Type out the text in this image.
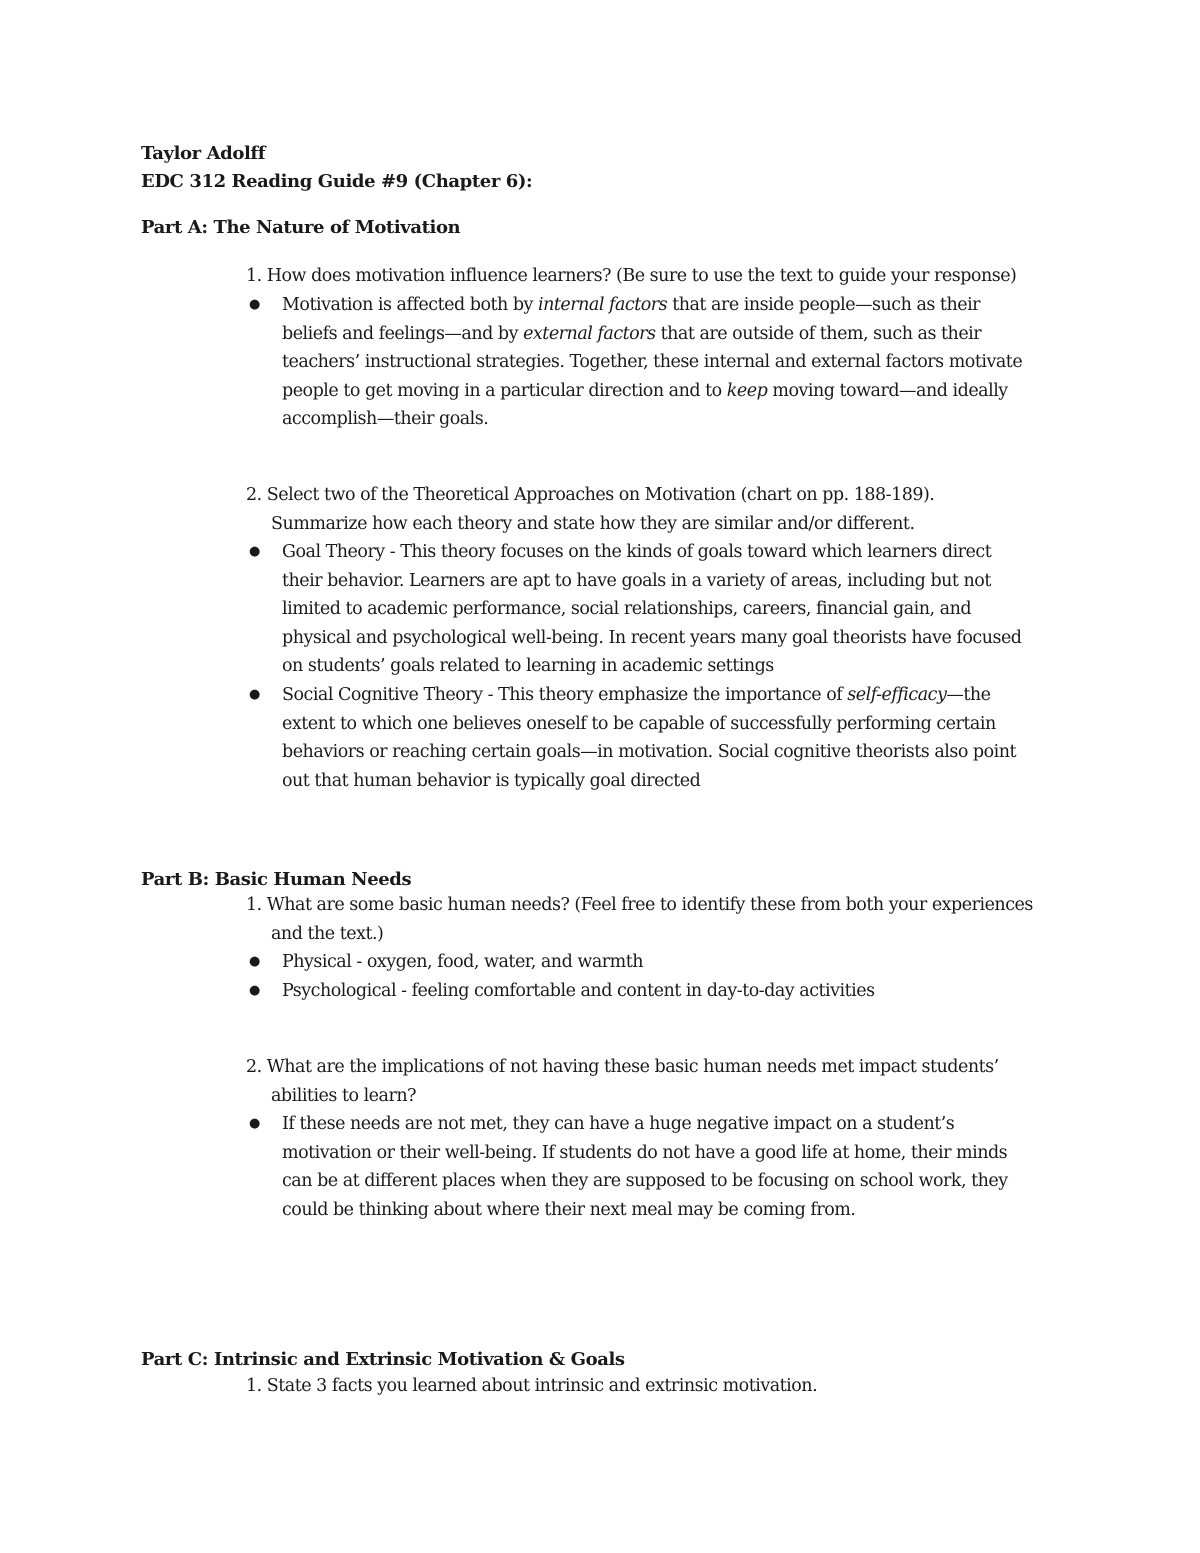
Taylor Adolff
EDC 312 Reading Guide #9 (Chapter 6):
Part A: The Nature of Motivation
1. How does motivation influence learners? (Be sure to use the text to guide your response)
● Motivation is affected both by internal factors that are inside people—such as their
beliefs and feelings—and by external factors that are outside of them, such as their
teachers’ instructional strategies. Together, these internal and external factors motivate
people to get moving in a particular direction and to keep moving toward—and ideally
accomplish—their goals.
2. Select two of the Theoretical Approaches on Motivation (chart on pp. 188-189).
Summarize how each theory and state how they are similar and/or different.
● Goal Theory - This theory focuses on the kinds of goals toward which learners direct
their behavior. Learners are apt to have goals in a variety of areas, including but not
limited to academic performance, social relationships, careers, financial gain, and
physical and psychological well-being. In recent years many goal theorists have focused
on students’ goals related to learning in academic settings
● Social Cognitive Theory - This theory emphasize the importance of self-efficacy—the
extent to which one believes oneself to be capable of successfully performing certain
behaviors or reaching certain goals—in motivation. Social cognitive theorists also point
out that human behavior is typically goal directed
Part B: Basic Human Needs
1. What are some basic human needs? (Feel free to identify these from both your experiences
and the text.)
● Physical - oxygen, food, water, and warmth
● Psychological - feeling comfortable and content in day-to-day activities
2. What are the implications of not having these basic human needs met impact students’
abilities to learn?
● If these needs are not met, they can have a huge negative impact on a student’s
motivation or their well-being. If students do not have a good life at home, their minds
can be at different places when they are supposed to be focusing on school work, they
could be thinking about where their next meal may be coming from.
Part C: Intrinsic and Extrinsic Motivation & Goals
1. State 3 facts you learned about intrinsic and extrinsic motivation.
